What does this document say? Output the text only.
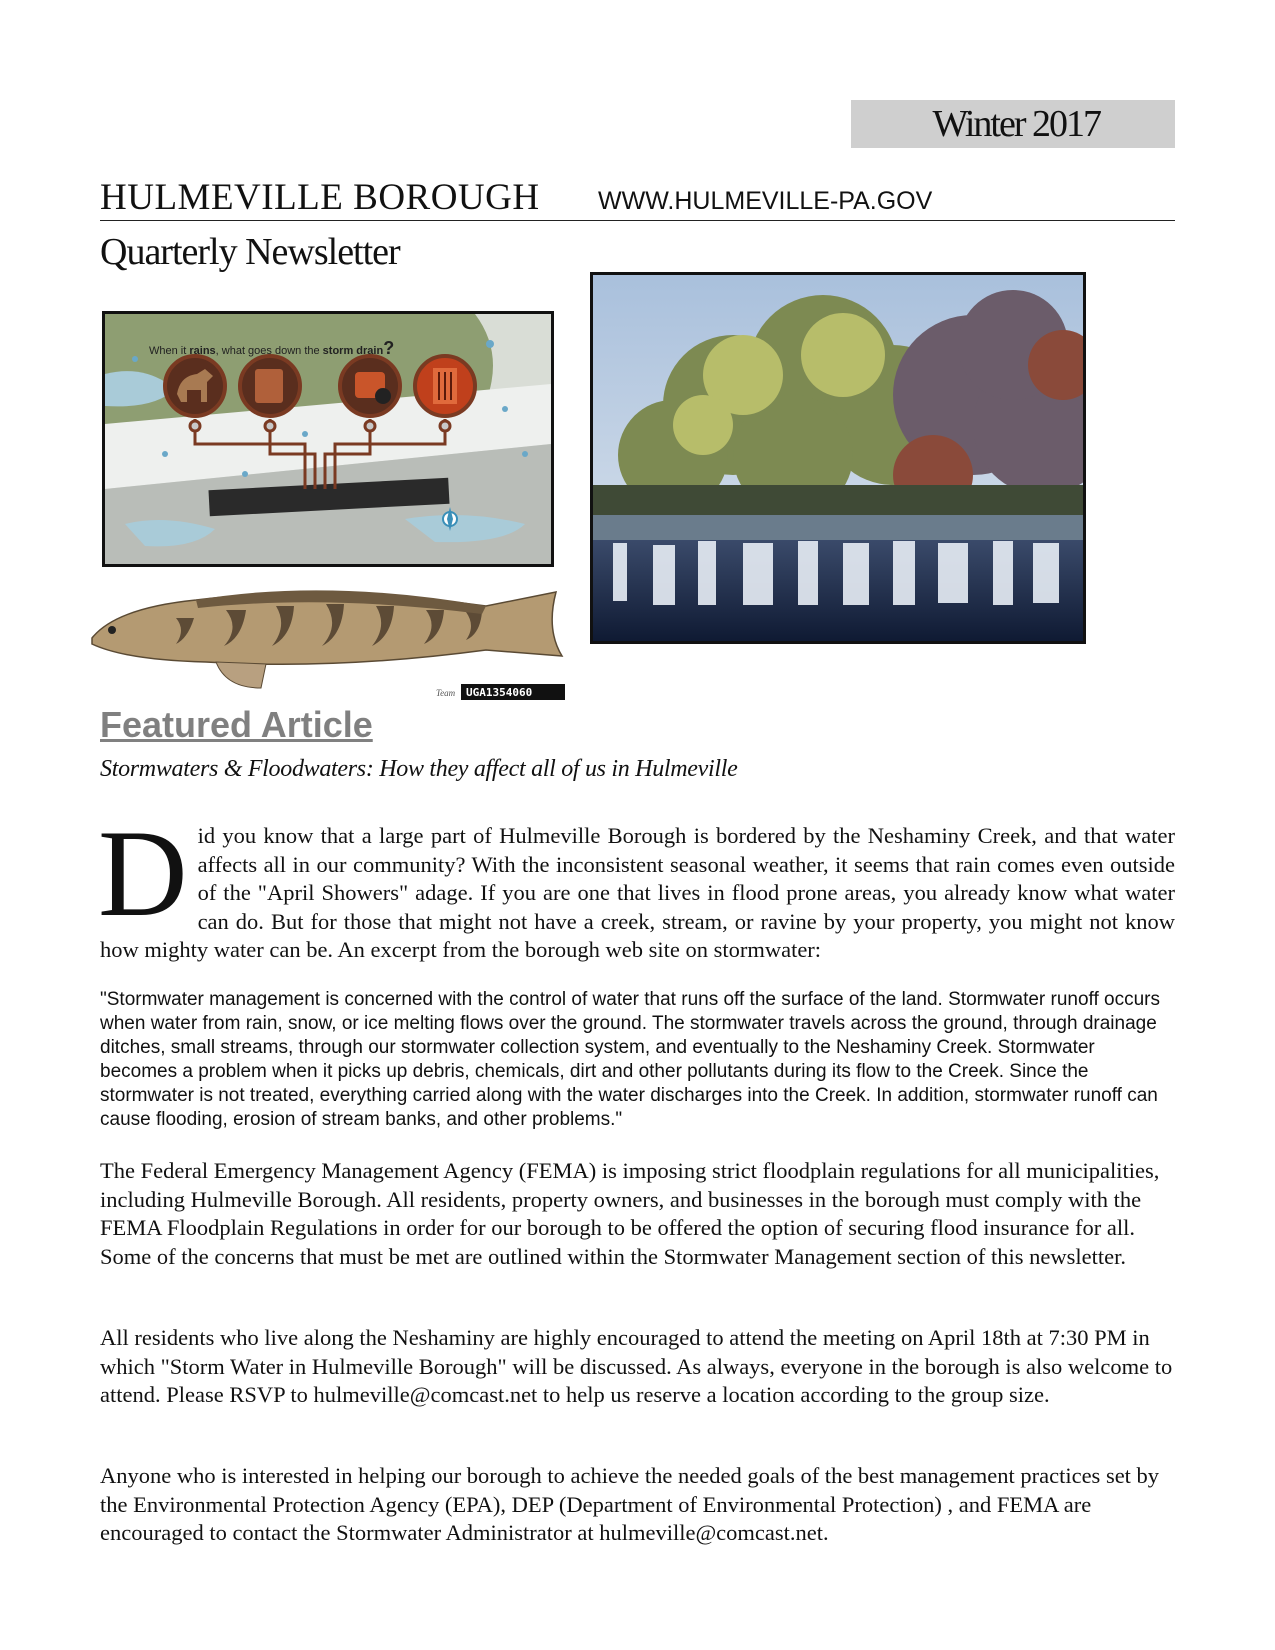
Winter 2017
HULMEVILLE BOROUGH WWW.HULMEVILLE-PA.GOV
Quarterly Newsletter
When it rains, what goes down the storm drain?
Team UGA1354060
Featured Article
Stormwaters & Floodwaters: How they affect all of us in Hulmeville
D id you know that a large part of Hulmeville Borough is bordered by the Neshaminy Creek, and that water affects all in our community? With the inconsistent seasonal weather, it seems that rain comes even outside of the "April Showers" adage. If you are one that lives in flood prone areas, you already know what water can do. But for those that might not have a creek, stream, or ravine by your property, you might not know how mighty water can be. An excerpt from the borough web site on stormwater:
"Stormwater management is concerned with the control of water that runs off the surface of the land. Stormwater runoff occurs when water from rain, snow, or ice melting flows over the ground. The stormwater travels across the ground, through drainage ditches, small streams, through our stormwater collection system, and eventually to the Neshaminy Creek. Stormwater becomes a problem when it picks up debris, chemicals, dirt and other pollutants during its flow to the Creek. Since the stormwater is not treated, everything carried along with the water discharges into the Creek. In addition, stormwater runoff can cause flooding, erosion of stream banks, and other problems."
The Federal Emergency Management Agency (FEMA) is imposing strict floodplain regulations for all municipalities, including Hulmeville Borough. All residents, property owners, and businesses in the borough must comply with the FEMA Floodplain Regulations in order for our borough to be offered the option of securing flood insurance for all. Some of the concerns that must be met are outlined within the Stormwater Management section of this newsletter.
All residents who live along the Neshaminy are highly encouraged to attend the meeting on April 18th at 7:30 PM in which "Storm Water in Hulmeville Borough" will be discussed. As always, everyone in the borough is also welcome to attend. Please RSVP to hulmeville@comcast.net to help us reserve a location according to the group size.
Anyone who is interested in helping our borough to achieve the needed goals of the best management practices set by the Environmental Protection Agency (EPA), DEP (Department of Environmental Protection) , and FEMA are encouraged to contact the Stormwater Administrator at hulmeville@comcast.net.
